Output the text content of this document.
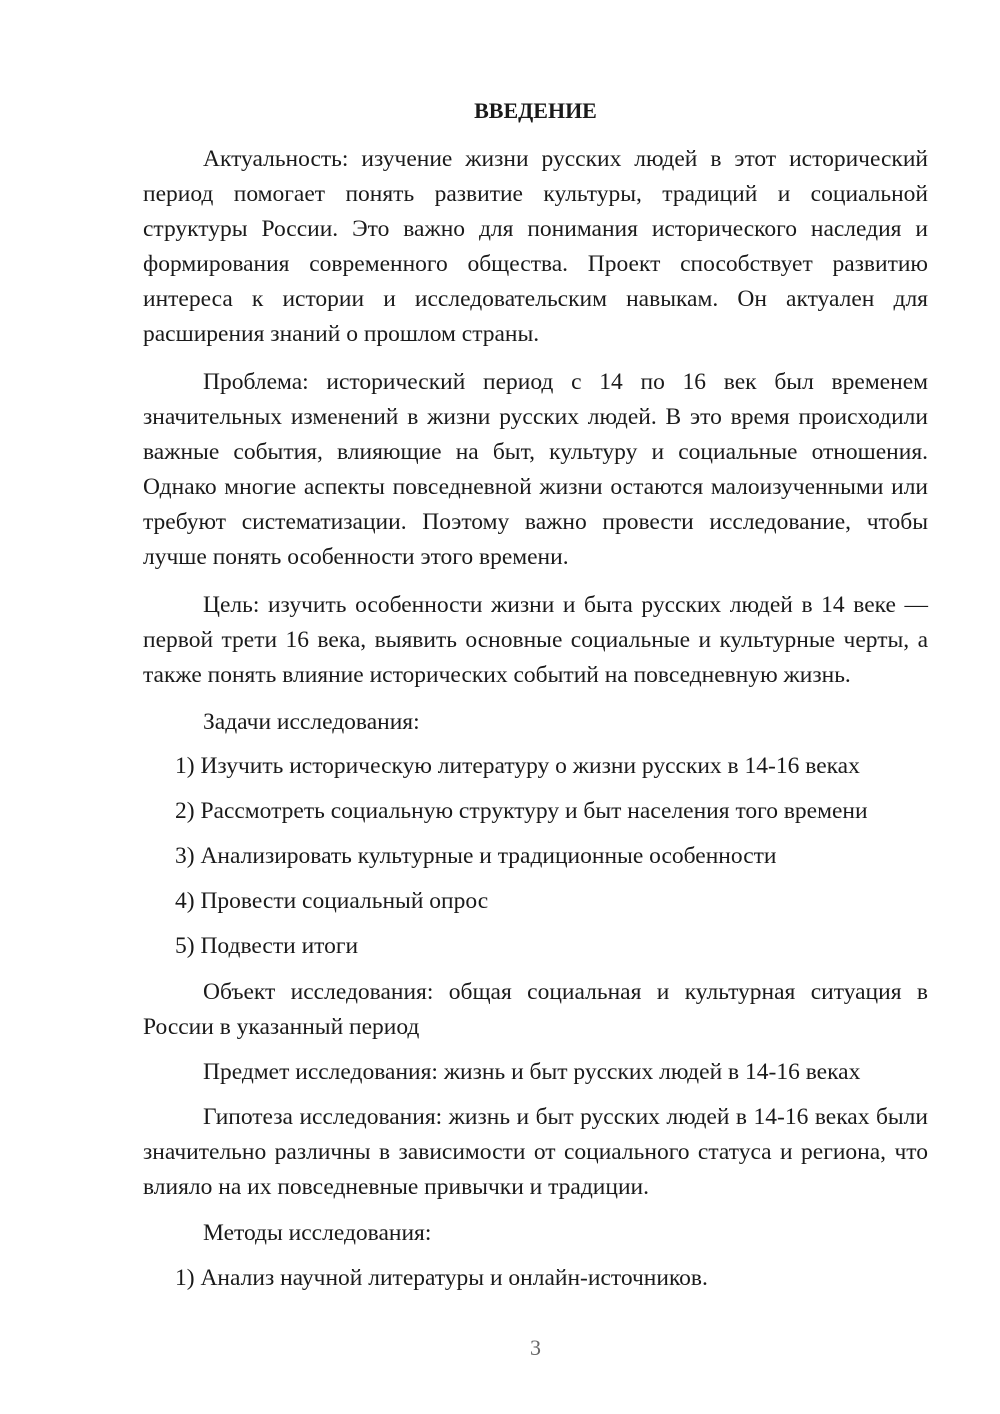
ВВЕДЕНИЕ

Актуальность: изучение жизни русских людей в этот исторический период помогает понять развитие культуры, традиций и социальной структуры России. Это важно для понимания исторического наследия и формирования современного общества. Проект способствует развитию интереса к истории и исследовательским навыкам. Он актуален для расширения знаний о прошлом страны.

Проблема: исторический период с 14 по 16 век был временем значительных изменений в жизни русских людей. В это время происходили важные события, влияющие на быт, культуру и социальные отношения. Однако многие аспекты повседневной жизни остаются малоизученными или требуют систематизации. Поэтому важно провести исследование, чтобы лучше понять особенности этого времени.

Цель: изучить особенности жизни и быта русских людей в 14 веке — первой трети 16 века, выявить основные социальные и культурные черты, а также понять влияние исторических событий на повседневную жизнь.

Задачи исследования:
1) Изучить историческую литературу о жизни русских в 14-16 веках
2) Рассмотреть социальную структуру и быт населения того времени
3) Анализировать культурные и традиционные особенности
4) Провести социальный опрос
5) Подвести итоги

Объект исследования: общая социальная и культурная ситуация в России в указанный период

Предмет исследования: жизнь и быт русских людей в 14-16 веках

Гипотеза исследования: жизнь и быт русских людей в 14-16 веках были значительно различны в зависимости от социального статуса и региона, что влияло на их повседневные привычки и традиции.

Методы исследования:
1) Анализ научной литературы и онлайн-источников.
3
